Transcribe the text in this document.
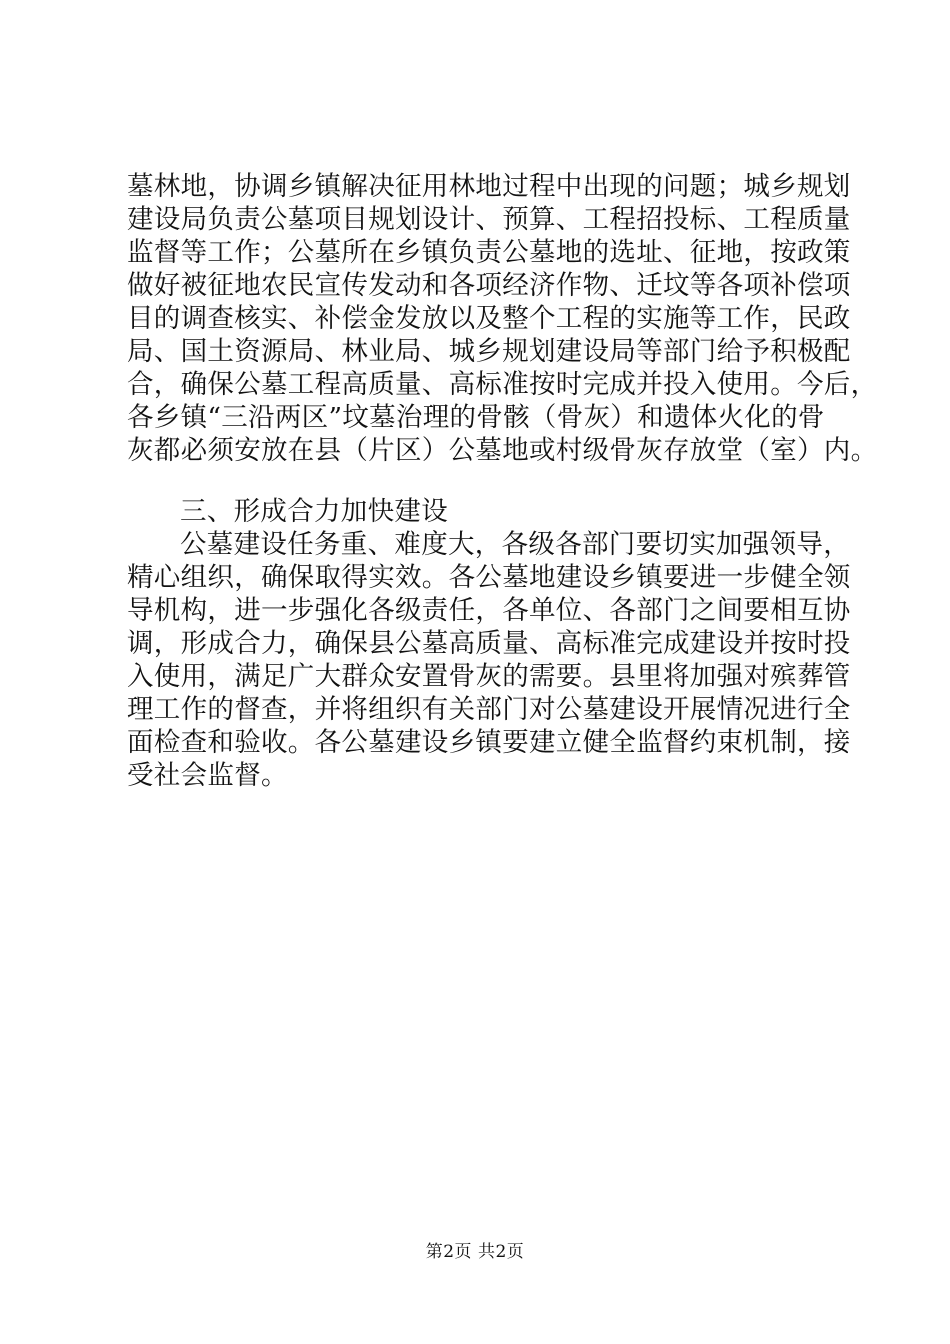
墓林地，协调乡镇解决征用林地过程中出现的问题；城乡规划
建设局负责公墓项目规划设计、预算、工程招投标、工程质量
监督等工作；公墓所在乡镇负责公墓地的选址、征地，按政策
做好被征地农民宣传发动和各项经济作物、迁坟等各项补偿项
目的调查核实、补偿金发放以及整个工程的实施等工作，民政
局、国土资源局、林业局、城乡规划建设局等部门给予积极配
合，确保公墓工程高质量、高标准按时完成并投入使用。今后，
各乡镇“三沿两区”坟墓治理的骨骸（骨灰）和遗体火化的骨
灰都必须安放在县（片区）公墓地或村级骨灰存放堂（室）内。
三、形成合力加快建设
公墓建设任务重、难度大，各级各部门要切实加强领导，
精心组织，确保取得实效。各公墓地建设乡镇要进一步健全领
导机构，进一步强化各级责任，各单位、各部门之间要相互协
调，形成合力，确保县公墓高质量、高标准完成建设并按时投
入使用，满足广大群众安置骨灰的需要。县里将加强对殡葬管
理工作的督查，并将组织有关部门对公墓建设开展情况进行全
面检查和验收。各公墓建设乡镇要建立健全监督约束机制，接
受社会监督。
第2页 共2页
